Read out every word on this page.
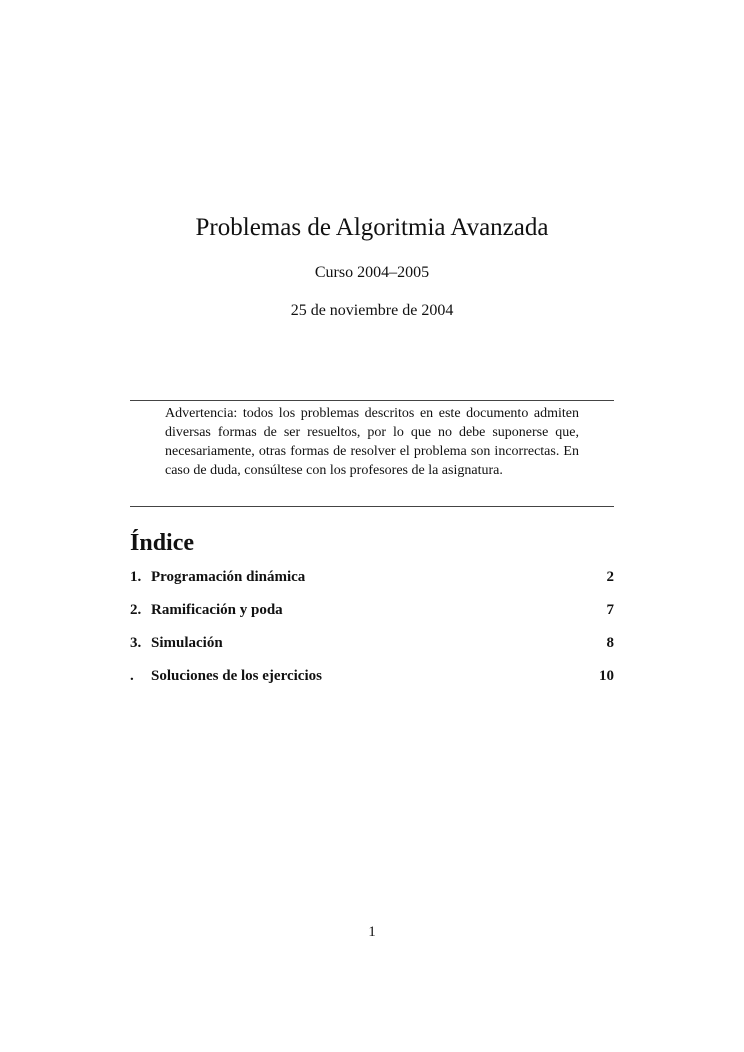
Problemas de Algoritmia Avanzada
Curso 2004–2005
25 de noviembre de 2004
Advertencia: todos los problemas descritos en este documento admiten diversas formas de ser resueltos, por lo que no debe suponerse que, necesariamente, otras formas de resolver el problema son incorrectas. En caso de duda, consúltese con los profesores de la asignatura.
Índice
1. Programación dinámica	2
2. Ramificación y poda	7
3. Simulación	8
. Soluciones de los ejercicios	10
1
